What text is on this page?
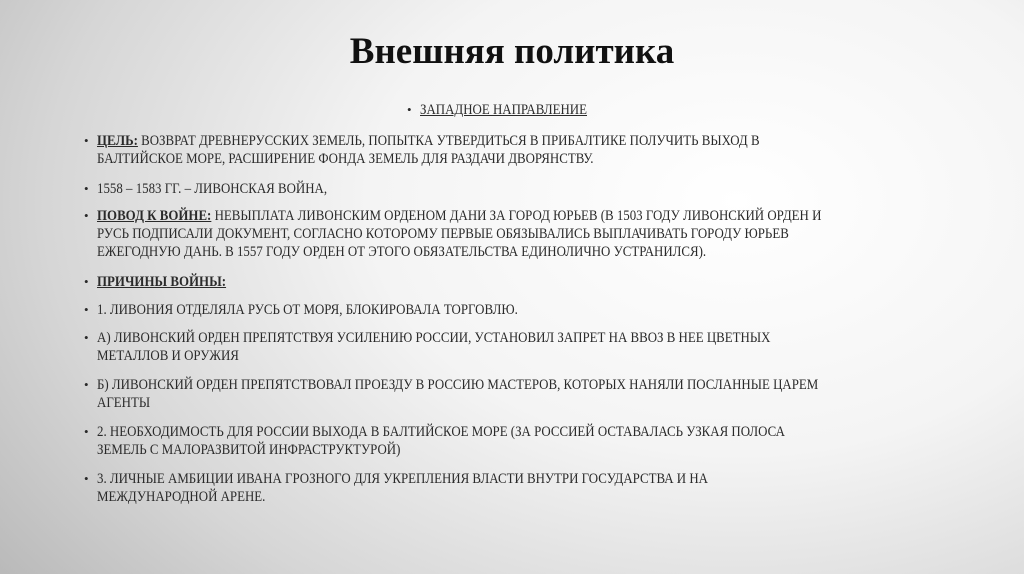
Внешняя политика
• ЗАПАДНОЕ НАПРАВЛЕНИЕ
• ЦЕЛЬ: ВОЗВРАТ ДРЕВНЕРУССКИХ ЗЕМЕЛЬ, ПОПЫТКА УТВЕРДИТЬСЯ В ПРИБАЛТИКЕ ПОЛУЧИТЬ ВЫХОД В
БАЛТИЙСКОЕ МОРЕ, РАСШИРЕНИЕ ФОНДА ЗЕМЕЛЬ ДЛЯ РАЗДАЧИ ДВОРЯНСТВУ.
• 1558 – 1583 ГГ. – ЛИВОНСКАЯ ВОЙНА,
• ПОВОД К ВОЙНЕ: НЕВЫПЛАТА ЛИВОНСКИМ ОРДЕНОМ ДАНИ ЗА ГОРОД ЮРЬЕВ (В 1503 ГОДУ ЛИВОНСКИЙ ОРДЕН И
РУСЬ ПОДПИСАЛИ ДОКУМЕНТ, СОГЛАСНО КОТОРОМУ ПЕРВЫЕ ОБЯЗЫВАЛИСЬ ВЫПЛАЧИВАТЬ ГОРОДУ ЮРЬЕВ
ЕЖЕГОДНУЮ ДАНЬ. В 1557 ГОДУ ОРДЕН ОТ ЭТОГО ОБЯЗАТЕЛЬСТВА ЕДИНОЛИЧНО УСТРАНИЛСЯ).
• ПРИЧИНЫ ВОЙНЫ:
• 1. ЛИВОНИЯ ОТДЕЛЯЛА РУСЬ ОТ МОРЯ, БЛОКИРОВАЛА ТОРГОВЛЮ.
• А) ЛИВОНСКИЙ ОРДЕН ПРЕПЯТСТВУЯ УСИЛЕНИЮ РОССИИ, УСТАНОВИЛ ЗАПРЕТ НА ВВОЗ В НЕЕ ЦВЕТНЫХ
МЕТАЛЛОВ И ОРУЖИЯ
• Б) ЛИВОНСКИЙ ОРДЕН ПРЕПЯТСТВОВАЛ ПРОЕЗДУ В РОССИЮ МАСТЕРОВ, КОТОРЫХ НАНЯЛИ ПОСЛАННЫЕ ЦАРЕМ
АГЕНТЫ
• 2. НЕОБХОДИМОСТЬ ДЛЯ РОССИИ ВЫХОДА В БАЛТИЙСКОЕ МОРЕ (ЗА РОССИЕЙ ОСТАВАЛАСЬ УЗКАЯ ПОЛОСА
ЗЕМЕЛЬ С МАЛОРАЗВИТОЙ ИНФРАСТРУКТУРОЙ)
• 3. ЛИЧНЫЕ АМБИЦИИ ИВАНА ГРОЗНОГО ДЛЯ УКРЕПЛЕНИЯ ВЛАСТИ ВНУТРИ ГОСУДАРСТВА И НА
МЕЖДУНАРОДНОЙ АРЕНЕ.
